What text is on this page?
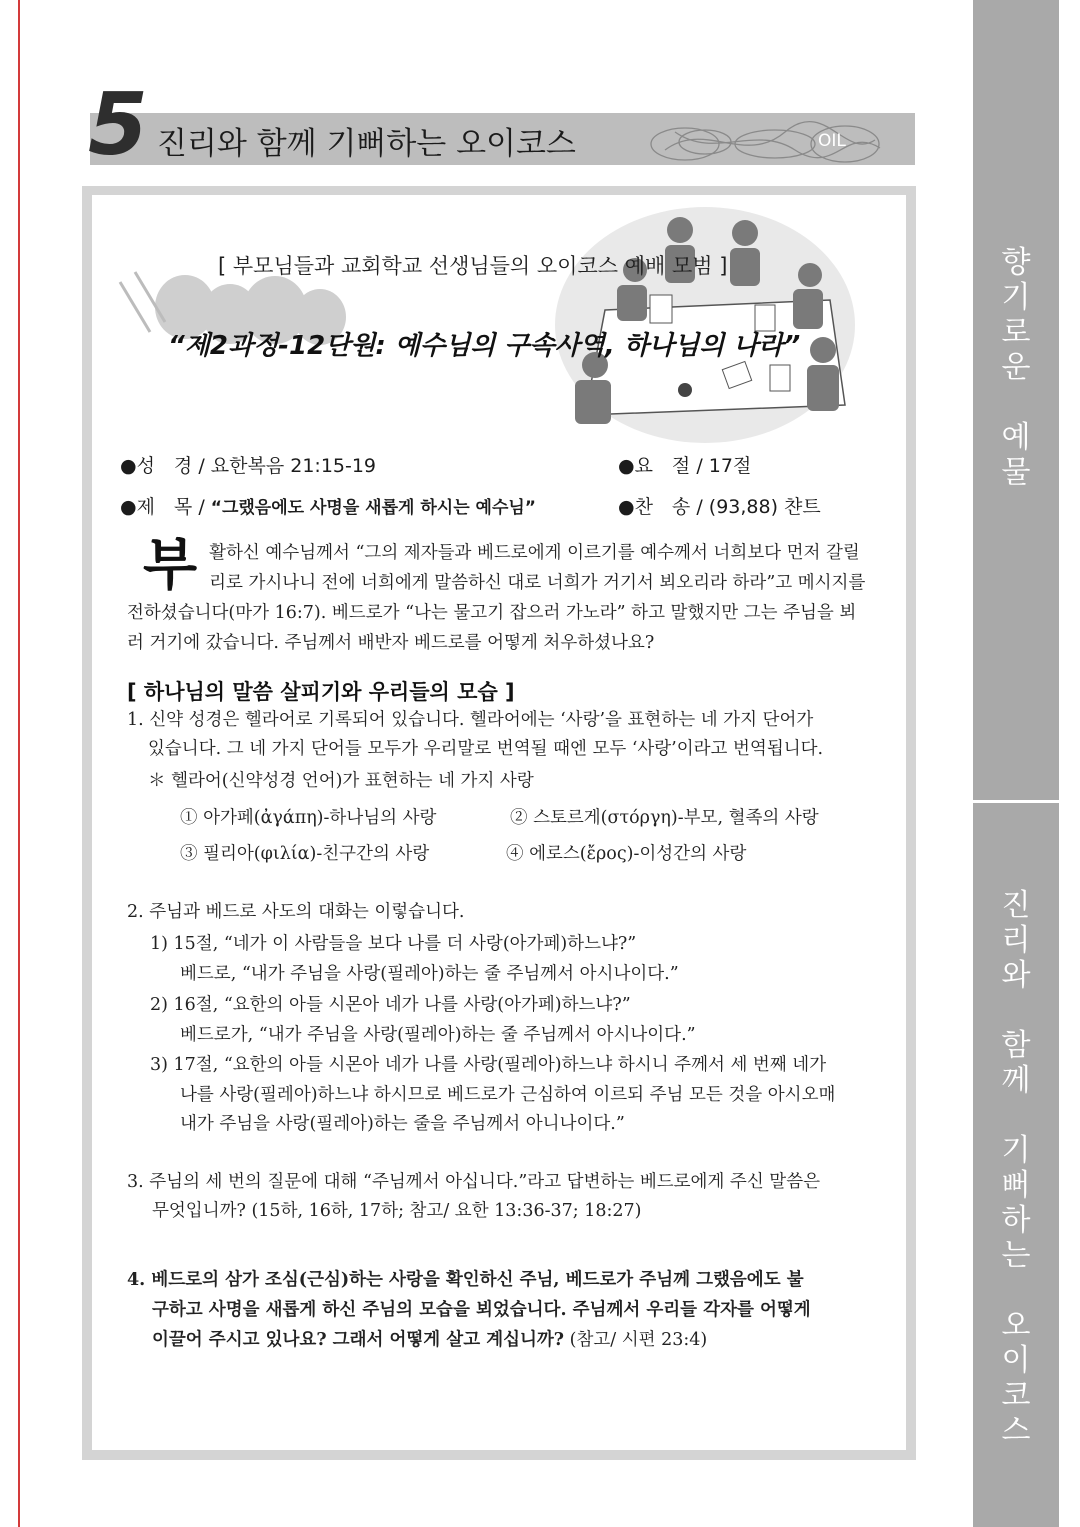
향
기
로
운

예
물
진
리
와

함
께

기
뻐
하
는

오
이
코
스
5 진리와 함께 기뻐하는 오이코스	OIL
[ 부모님들과 교회학교 선생님들의 오이코스 예배 모범 ]
“제2과정-12단원: 예수님의 구속사역, 하나님의 나라”
●성　경 / 요한복음 21:15-19	●요　절 / 17절
●제　목 / “그랬음에도 사명을 새롭게 하시는 예수님”	●찬　송 / (93,88) 챤트
부활하신 예수님께서 “그의 제자들과 베드로에게 이르기를 예수께서 너희보다 먼저 갈릴리로 가시나니 전에 너희에게 말씀하신 대로 너희가 거기서 뵈오리라 하라”고 메시지를 전하셨습니다(마가 16:7). 베드로가 “나는 물고기 잡으러 가노라” 하고 말했지만 그는 주님을 뵈러 거기에 갔습니다. 주님께서 배반자 베드로를 어떻게 처우하셨나요?
[ 하나님의 말씀 살피기와 우리들의 모습 ]
1. 신약 성경은 헬라어로 기록되어 있습니다. 헬라어에는 ‘사랑’을 표현하는 네 가지 단어가
있습니다. 그 네 가지 단어들 모두가 우리말로 번역될 때엔 모두 ‘사랑’이라고 번역됩니다.
＊ 헬라어(신약성경 언어)가 표현하는 네 가지 사랑
① 아가페(ἀγάπη)-하나님의 사랑	② 스토르게(στόργη)-부모, 혈족의 사랑
③ 필리아(φιλία)-친구간의 사랑	④ 에로스(ἔρος)-이성간의 사랑
2. 주님과 베드로 사도의 대화는 이렇습니다.
1) 15절, “네가 이 사람들을 보다 나를 더 사랑(아가페)하느냐?”
베드로, “내가 주님을 사랑(필레아)하는 줄 주님께서 아시나이다.”
2) 16절, “요한의 아들 시몬아 네가 나를 사랑(아가페)하느냐?”
베드로가, “내가 주님을 사랑(필레아)하는 줄 주님께서 아시나이다.”
3) 17절, “요한의 아들 시몬아 네가 나를 사랑(필레아)하느냐 하시니 주께서 세 번째 네가
나를 사랑(필레아)하느냐 하시므로 베드로가 근심하여 이르되 주님 모든 것을 아시오매
내가 주님을 사랑(필레아)하는 줄을 주님께서 아니나이다.”
3. 주님의 세 번의 질문에 대해 “주님께서 아십니다.”라고 답변하는 베드로에게 주신 말씀은
무엇입니까? (15하, 16하, 17하; 참고/ 요한 13:36-37; 18:27)
4. 베드로의 삼가 조심(근심)하는 사랑을 확인하신 주님, 베드로가 주님께 그랬음에도 불
구하고 사명을 새롭게 하신 주님의 모습을 뵈었습니다. 주님께서 우리들 각자를 어떻게
이끌어 주시고 있나요? 그래서 어떻게 살고 계십니까? (참고/ 시편 23:4)
